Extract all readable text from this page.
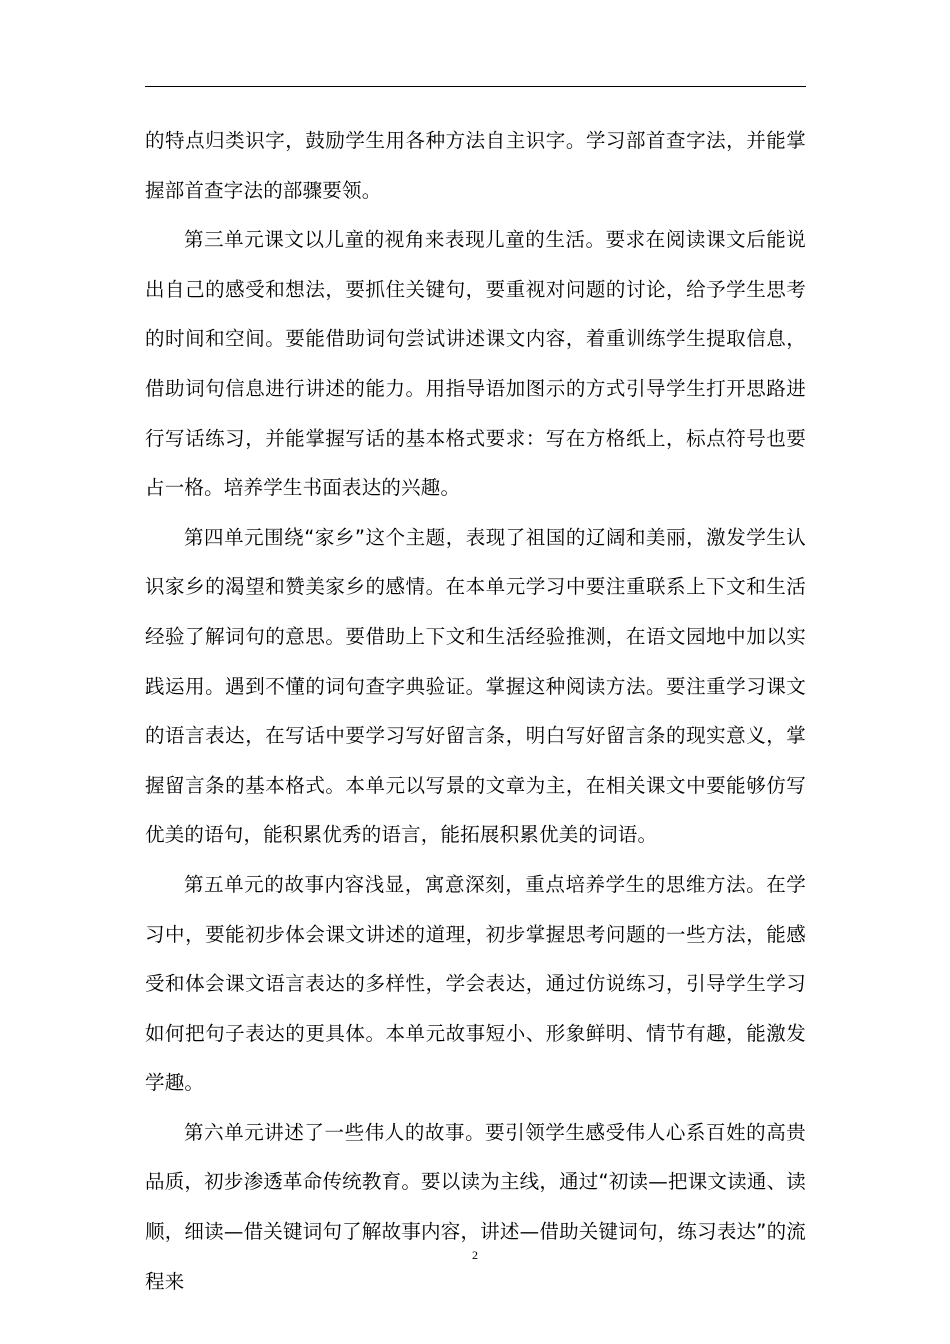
的特点归类识字，鼓励学生用各种方法自主识字。学习部首查字法，并能掌握部首查字法的部骤要领。

第三单元课文以儿童的视角来表现儿童的生活。要求在阅读课文后能说出自己的感受和想法，要抓住关键句，要重视对问题的讨论，给予学生思考的时间和空间。要能借助词句尝试讲述课文内容，着重训练学生提取信息，借助词句信息进行讲述的能力。用指导语加图示的方式引导学生打开思路进行写话练习，并能掌握写话的基本格式要求：写在方格纸上，标点符号也要占一格。培养学生书面表达的兴趣。

第四单元围绕“家乡”这个主题，表现了祖国的辽阔和美丽，激发学生认识家乡的渴望和赞美家乡的感情。在本单元学习中要注重联系上下文和生活经验了解词句的意思。要借助上下文和生活经验推测，在语文园地中加以实践运用。遇到不懂的词句查字典验证。掌握这种阅读方法。要注重学习课文的语言表达，在写话中要学习写好留言条，明白写好留言条的现实意义，掌握留言条的基本格式。本单元以写景的文章为主，在相关课文中要能够仿写优美的语句，能积累优秀的语言，能拓展积累优美的词语。

第五单元的故事内容浅显，寓意深刻，重点培养学生的思维方法。在学习中，要能初步体会课文讲述的道理，初步掌握思考问题的一些方法，能感受和体会课文语言表达的多样性，学会表达，通过仿说练习，引导学生学习如何把句子表达的更具体。本单元故事短小、形象鲜明、情节有趣，能激发学趣。

第六单元讲述了一些伟人的故事。要引领学生感受伟人心系百姓的高贵品质，初步渗透革命传统教育。要以读为主线，通过“初读—把课文读通、读顺，细读—借关键词句了解故事内容，讲述—借助关键词句，练习表达”的流程来

2
